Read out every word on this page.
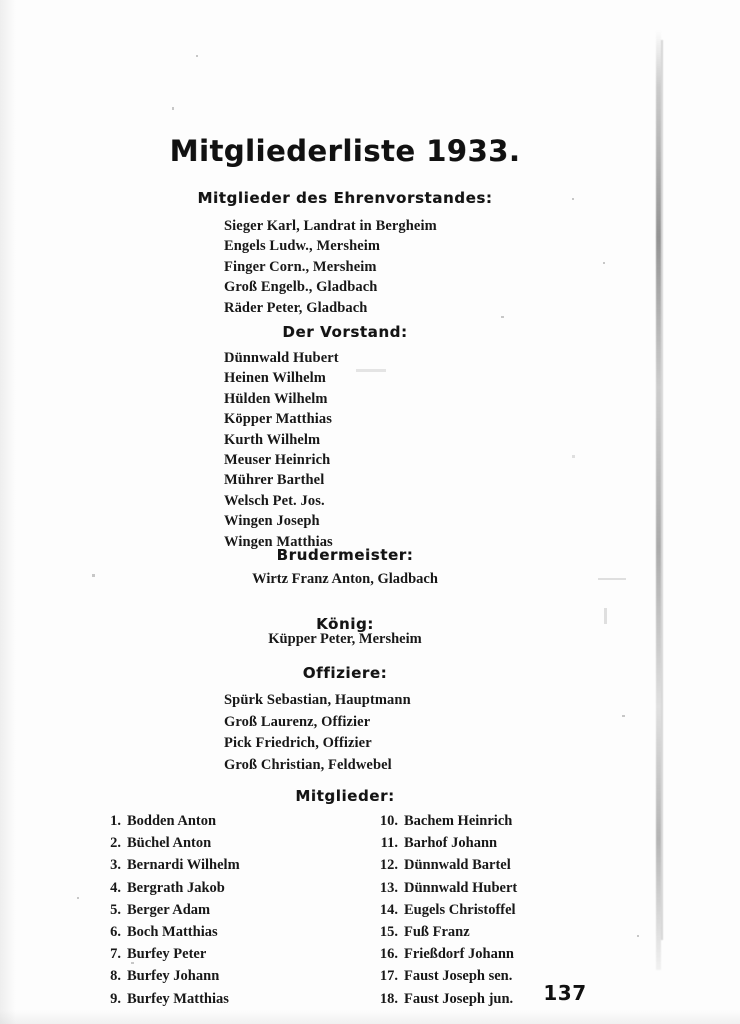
Mitgliederliste 1933.
Mitglieder des Ehrenvorstandes:
Sieger Karl, Landrat in Bergheim
Engels Ludw., Mersheim
Finger Corn., Mersheim
Groß Engelb., Gladbach
Räder Peter, Gladbach
Der Vorstand:
Dünnwald Hubert
Heinen Wilhelm
Hülden Wilhelm
Köpper Matthias
Kurth Wilhelm
Meuser Heinrich
Mührer Barthel
Welsch Pet. Jos.
Wingen Joseph
Wingen Matthias
Brudermeister:
Wirtz Franz Anton, Gladbach
König:
Küpper Peter, Mersheim
Offiziere:
Spürk Sebastian, Hauptmann
Groß Laurenz, Offizier
Pick Friedrich, Offizier
Groß Christian, Feldwebel
Mitglieder:
1. Bodden Anton
2. Büchel Anton
3. Bernardi Wilhelm
4. Bergrath Jakob
5. Berger Adam
6. Boch Matthias
7. Burfey Peter
8. Burfey Johann
9. Burfey Matthias
10. Bachem Heinrich
11. Barhof Johann
12. Dünnwald Bartel
13. Dünnwald Hubert
14. Eugels Christoffel
15. Fuß Franz
16. Frießdorf Johann
17. Faust Joseph sen.
18. Faust Joseph jun.	137
